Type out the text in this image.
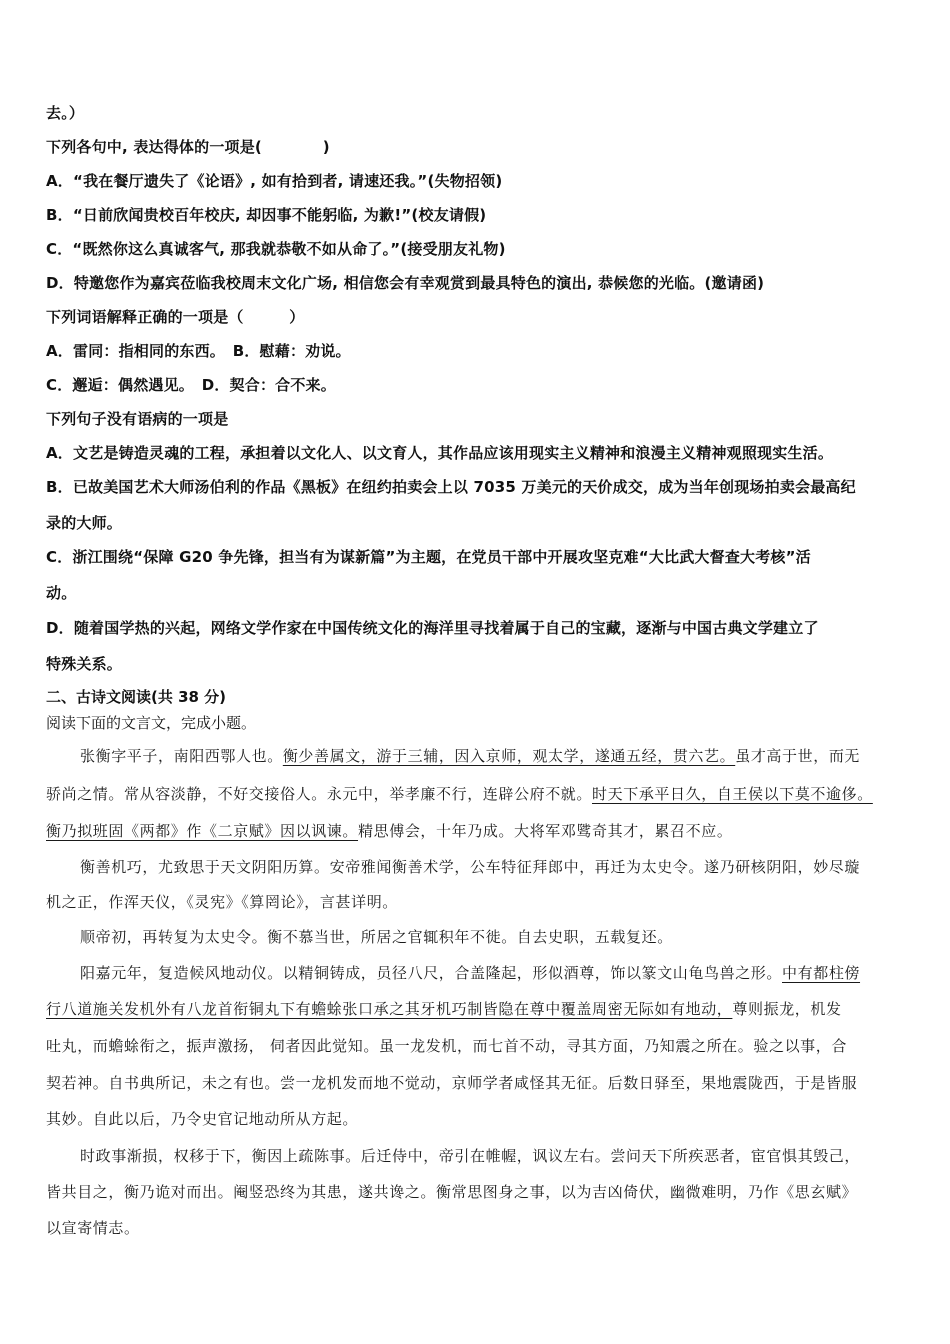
去。）
下列各句中, 表达得体的一项是(　　　　)
A．“我在餐厅遗失了《论语》, 如有拾到者, 请速还我。”(失物招领)
B．“日前欣闻贵校百年校庆, 却因事不能躬临, 为歉!”(校友请假)
C．“既然你这么真诚客气, 那我就恭敬不如从命了。”(接受朋友礼物)
D．特邀您作为嘉宾莅临我校周末文化广场, 相信您会有幸观赏到最具特色的演出, 恭候您的光临。(邀请函)
下列词语解释正确的一项是（　　　）
A．雷同：指相同的东西。　B．慰藉：劝说。
C．邂逅：偶然遇见。　D．契合：合不来。
下列句子没有语病的一项是
A．文艺是铸造灵魂的工程，承担着以文化人、以文育人，其作品应该用现实主义精神和浪漫主义精神观照现实生活。
B．已故美国艺术大师汤伯利的作品《黑板》在纽约拍卖会上以 7035 万美元的天价成交，成为当年创现场拍卖会最高纪
录的大师。
C．浙江围绕“保障 G20 争先锋，担当有为谋新篇”为主题，在党员干部中开展攻坚克难“大比武大督查大考核”活
动。
D．随着国学热的兴起，网络文学作家在中国传统文化的海洋里寻找着属于自己的宝藏，逐渐与中国古典文学建立了
特殊关系。
二、古诗文阅读(共 38 分)
阅读下面的文言文，完成小题。
张衡字平子，南阳西鄂人也。衡少善属文，游于三辅，因入京师，观太学，遂通五经，贯六艺。虽才高于世，而无
骄尚之情。常从容淡静，不好交接俗人。永元中，举孝廉不行，连辟公府不就。时天下承平日久，自王侯以下莫不逾侈。
衡乃拟班固《两都》作《二京赋》因以讽谏。精思傅会，十年乃成。大将军邓骘奇其才，累召不应。
衡善机巧，尤致思于天文阴阳历算。安帝雅闻衡善术学，公车特征拜郎中，再迁为太史令。遂乃研核阴阳，妙尽璇
机之正，作浑天仪，《灵宪》《算罔论》，言甚详明。
顺帝初，再转复为太史令。衡不慕当世，所居之官辄积年不徙。自去史职，五载复还。
阳嘉元年，复造候风地动仪。以精铜铸成，员径八尺，合盖隆起，形似酒尊，饰以篆文山龟鸟兽之形。中有都柱傍
行八道施关发机外有八龙首衔铜丸下有蟾蜍张口承之其牙机巧制皆隐在尊中覆盖周密无际如有地动，尊则振龙，机发
吐丸，而蟾蜍衔之，振声激扬， 伺者因此觉知。虽一龙发机，而七首不动，寻其方面，乃知震之所在。验之以事，合
契若神。自书典所记，未之有也。尝一龙机发而地不觉动，京师学者咸怪其无征。后数日驿至，果地震陇西，于是皆服
其妙。自此以后，乃令史官记地动所从方起。
时政事渐损，权移于下，衡因上疏陈事。后迁侍中，帝引在帷幄，讽议左右。尝问天下所疾恶者，宦官惧其毁己，
皆共目之，衡乃诡对而出。阉竖恐终为其患，遂共谗之。衡常思图身之事，以为吉凶倚伏，幽微难明，乃作《思玄赋》
以宣寄情志。
